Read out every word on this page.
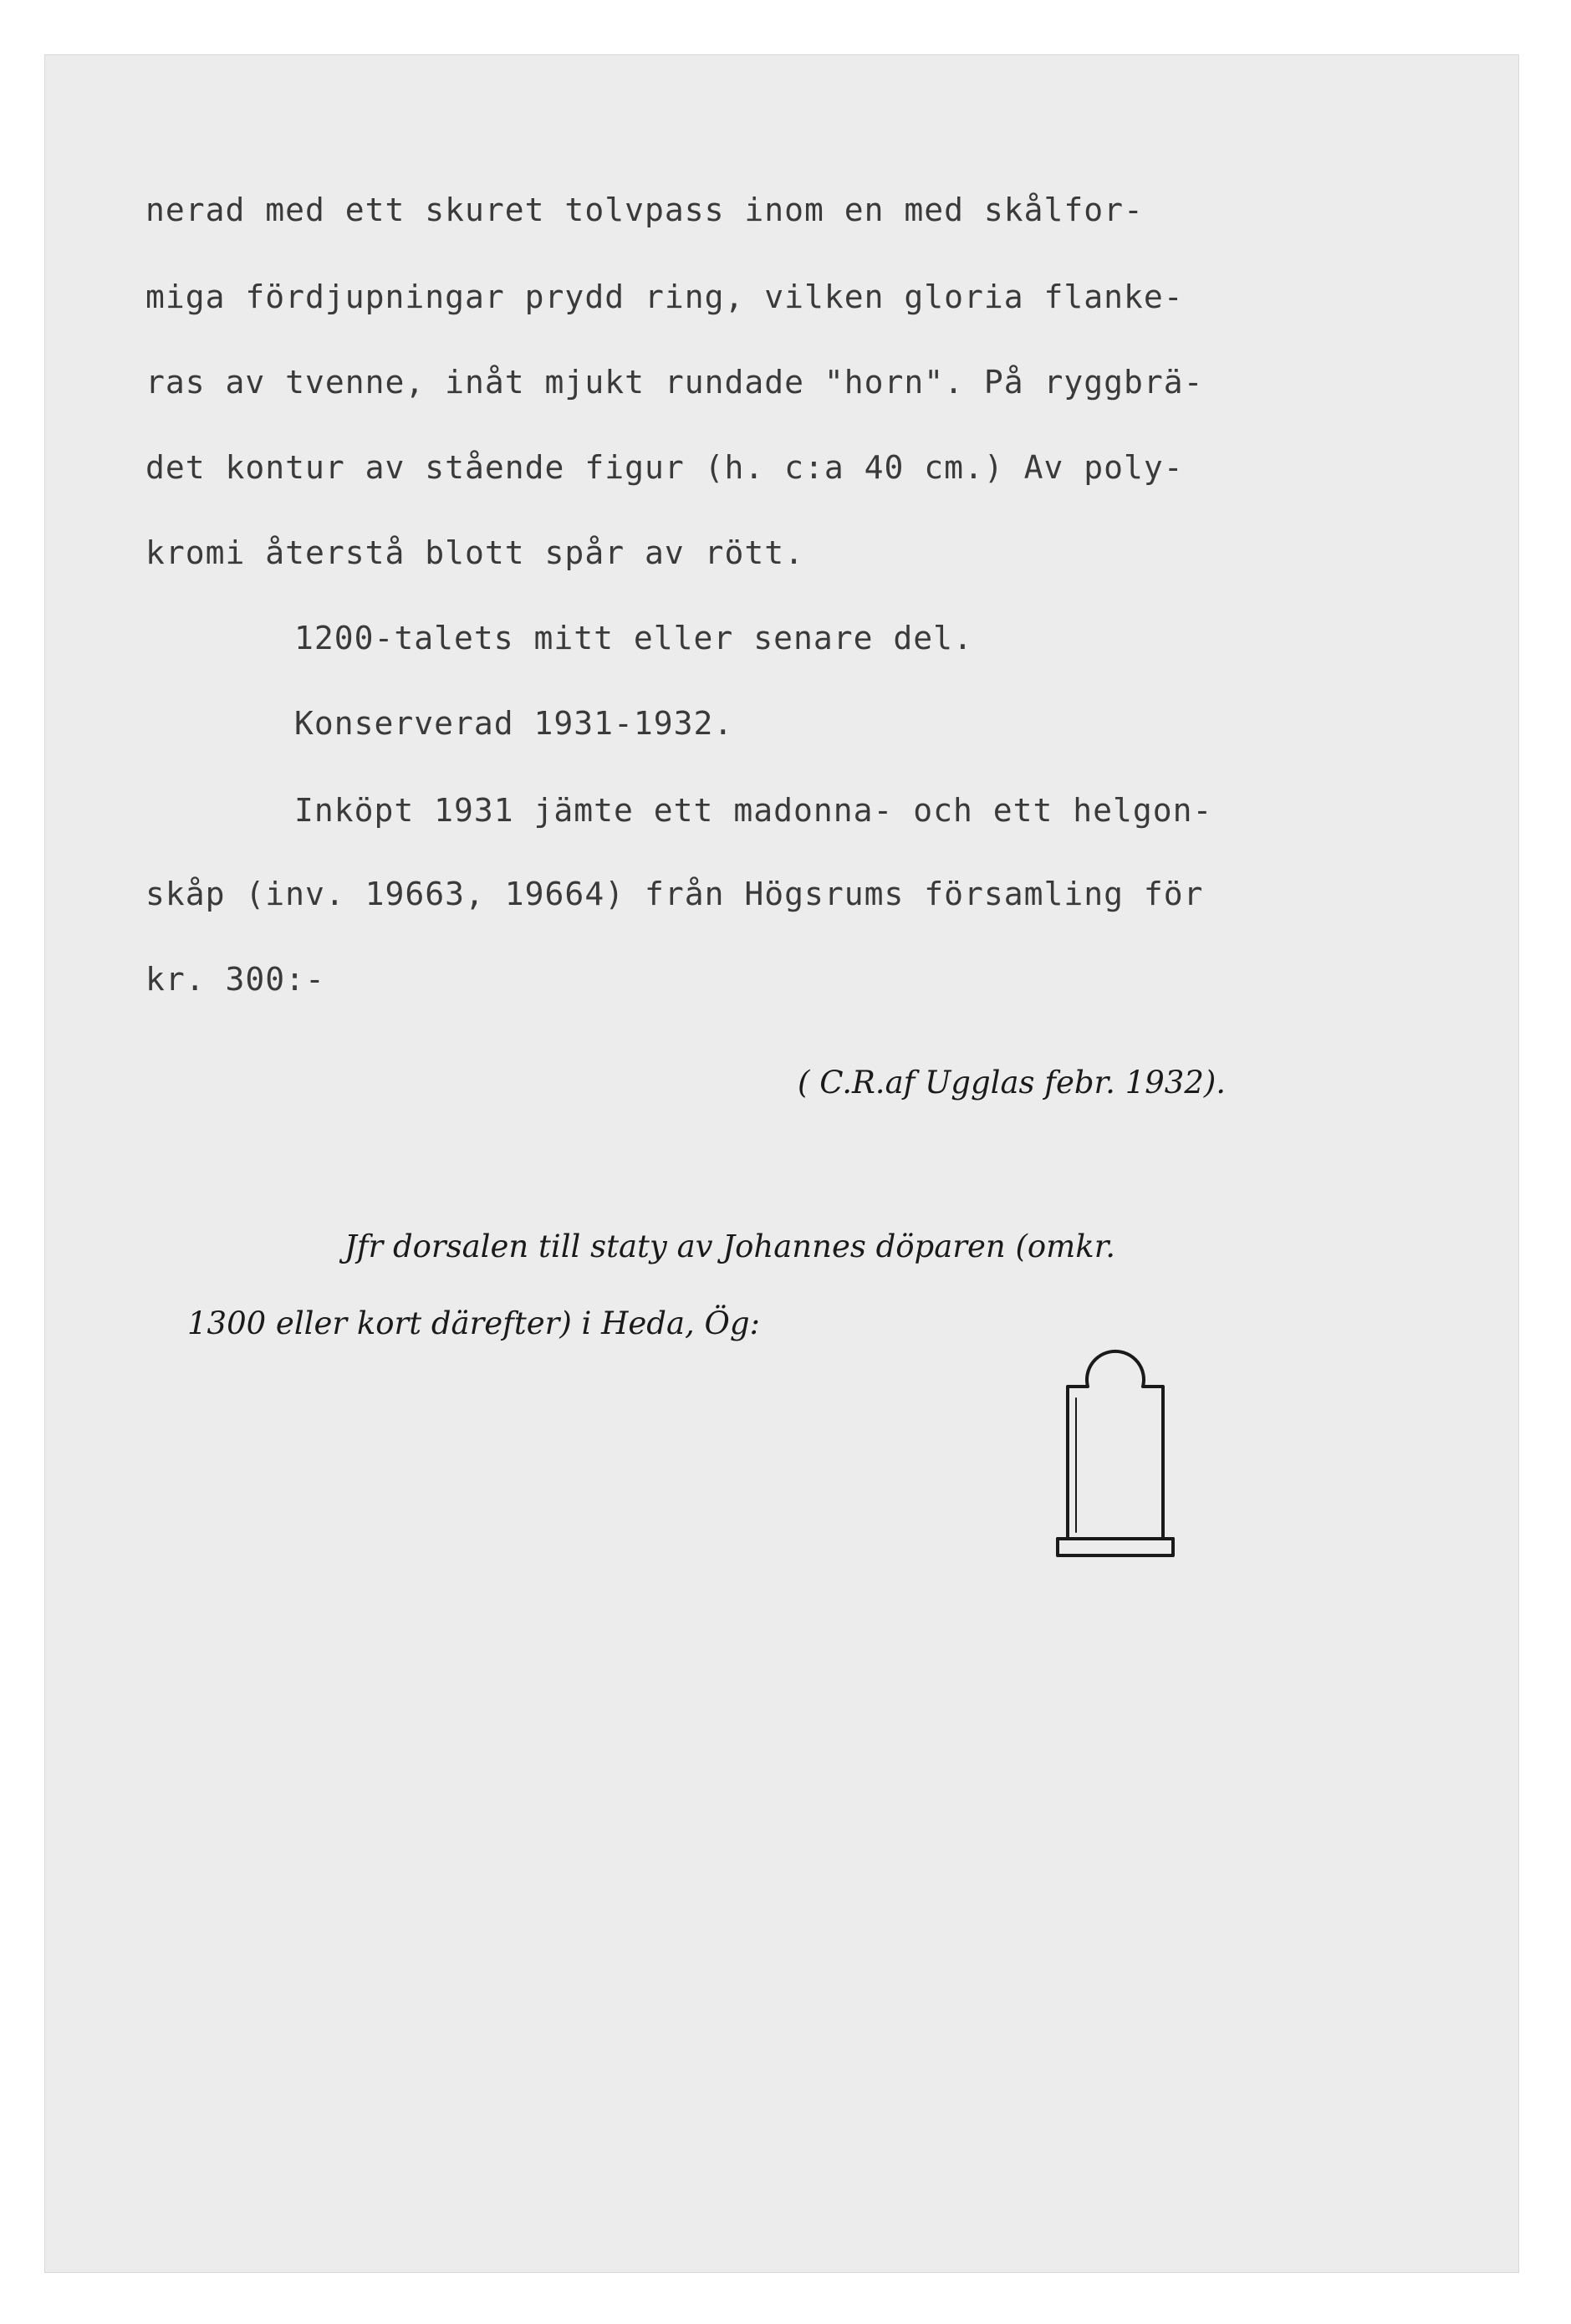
nerad med ett skuret tolvpass inom en med skålfor-

miga fördjupningar prydd ring, vilken gloria flanke-

ras av tvenne, inåt mjukt rundade "horn". På ryggbrä-

det kontur av stående figur (h. c:a 40 cm.) Av poly-

kromi återstå blott spår av rött.

1200-talets mitt eller senare del.

Konserverad 1931-1932.

Inköpt 1931 jämte ett madonna- och ett helgon-

skåp (inv. 19663, 19664) från Högsrums församling för

kr. 300:-

( C.R.af Ugglas febr. 1932).

Jfr dorsalen till staty av Johannes döparen (omkr.

1300 eller kort därefter) i Heda, Ög:
